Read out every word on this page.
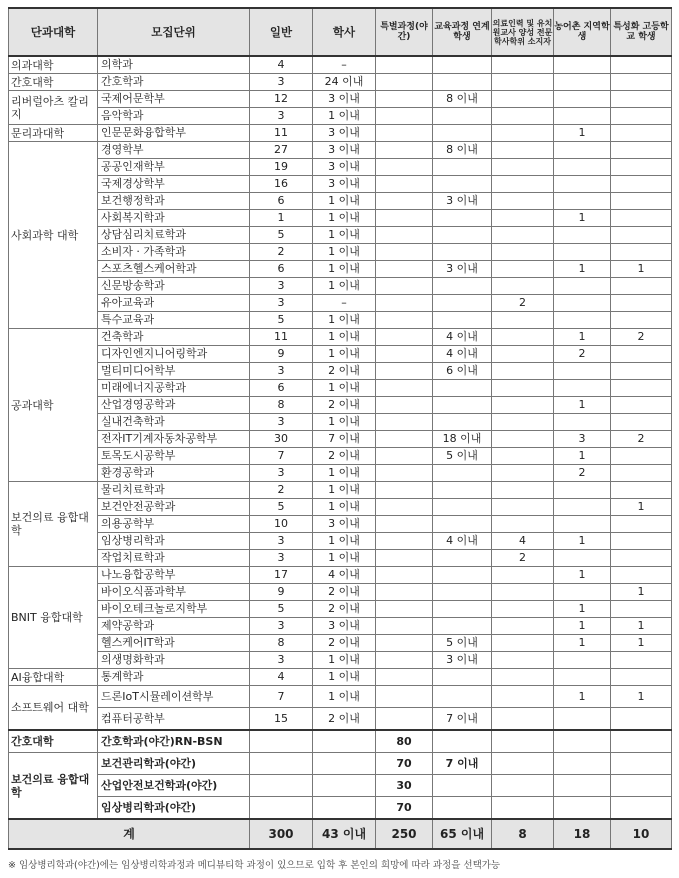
단과대학	모집단위	일반	학사	특별과정(야간)	교육과정 연계 학생	의료인력 및 유치원교사 양성 전문학사학위 소지자	농어촌 지역학생	특성화 고등학교 학생
의과대학	의학과	4	–					
간호대학	간호학과	3	24 이내					
리버럴아츠 칼리지	국제어문학부	12	3 이내		8 이내			
	음악학과	3	1 이내					
문리과대학	인문문화융합학부	11	3 이내				1	
사회과학 대학	경영학부	27	3 이내		8 이내			
	공공인재학부	19	3 이내					
	국제경상학부	16	3 이내					
	보건행정학과	6	1 이내		3 이내			
	사회복지학과	1	1 이내				1	
	상담심리치료학과	5	1 이내					
	소비자 · 가족학과	2	1 이내					
	스포츠헬스케어학과	6	1 이내		3 이내		1	1
	신문방송학과	3	1 이내					
	유아교육과	3	–			2		
	특수교육과	5	1 이내					
공과대학	건축학과	11	1 이내		4 이내		1	2
	디자인엔지니어링학과	9	1 이내		4 이내		2	
	멀티미디어학부	3	2 이내		6 이내			
	미래에너지공학과	6	1 이내					
	산업경영공학과	8	2 이내				1	
	실내건축학과	3	1 이내					
	전자IT기계자동차공학부	30	7 이내		18 이내		3	2
	토목도시공학부	7	2 이내		5 이내		1	
	환경공학과	3	1 이내				2	
보건의료 융합대학	물리치료학과	2	1 이내					
	보건안전공학과	5	1 이내					1
	의용공학부	10	3 이내					
	임상병리학과	3	1 이내		4 이내	4	1	
	작업치료학과	3	1 이내			2		
BNIT 융합대학	나노융합공학부	17	4 이내				1	
	바이오식품과학부	9	2 이내					1
	바이오테크놀로지학부	5	2 이내				1	
	제약공학과	3	3 이내				1	1
	헬스케어IT학과	8	2 이내		5 이내		1	1
	의생명화학과	3	1 이내		3 이내			
AI융합대학	통계학과	4	1 이내					
소프트웨어 대학	드론IoT시뮬레이션학부	7	1 이내				1	1
	컴퓨터공학부	15	2 이내		7 이내			
간호대학	간호학과(야간)RN-BSN			80				
보건의료 융합대학	보건관리학과(야간)			70	7 이내			
	산업안전보건학과(야간)			30				
	임상병리학과(야간)			70				
계		300	43 이내	250	65 이내	8	18	10
※ 임상병리학과(야간)에는 임상병리학과정과 메디뷰티학 과정이 있으므로 입학 후 본인의 희망에 따라 과정을 선택가능
